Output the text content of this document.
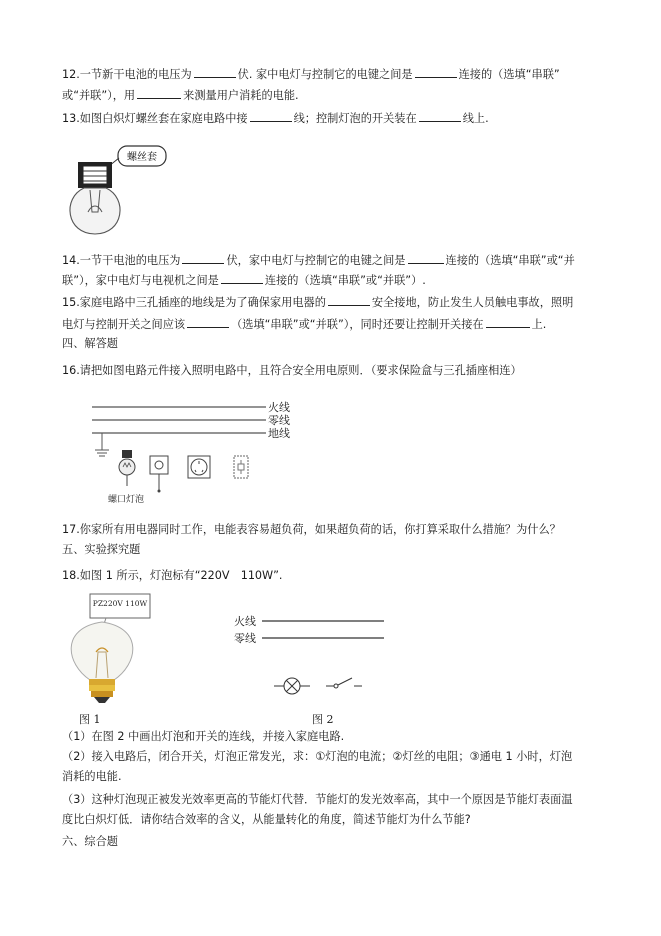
12.一节新干电池的电压为	伏. 家中电灯与控制它的电键之间是	连接的（选填“串联”
或“并联”），用	来测量用户消耗的电能.
13.如图白炽灯螺丝套在家庭电路中接	线；控制灯泡的开关装在	线上.
螺丝套
14.一节干电池的电压为	伏，家中电灯与控制它的电键之间是	连接的（选填“串联”或“并
联”），家中电灯与电视机之间是	连接的（选填“串联”或“并联”）.
15.家庭电路中三孔插座的地线是为了确保家用电器的	安全接地，防止发生人员触电事故，照明
电灯与控制开关之间应该	（选填“串联”或“并联”），同时还要让控制开关接在	上.
四、解答题
16.请把如图电路元件接入照明电路中，且符合安全用电原则．（要求保险盒与三孔插座相连）
火线
零线
地线
螺口灯泡
17.你家所有用电器同时工作，电能表容易超负荷，如果超负荷的话，你打算采取什么措施？为什么？
五、实验探究题
18.如图 1 所示，灯泡标有“220V　110W”.
PZ220V 110W
图 1
火线
零线
图 2
（1）在图 2 中画出灯泡和开关的连线，并接入家庭电路.
（2）接入电路后，闭合开关，灯泡正常发光，求：①灯泡的电流；②灯丝的电阻；③通电 1 小时，灯泡
消耗的电能.
（3）这种灯泡现正被发光效率更高的节能灯代替．节能灯的发光效率高，其中一个原因是节能灯表面温
度比白炽灯低．请你结合效率的含义，从能量转化的角度，简述节能灯为什么节能?
六、综合题
